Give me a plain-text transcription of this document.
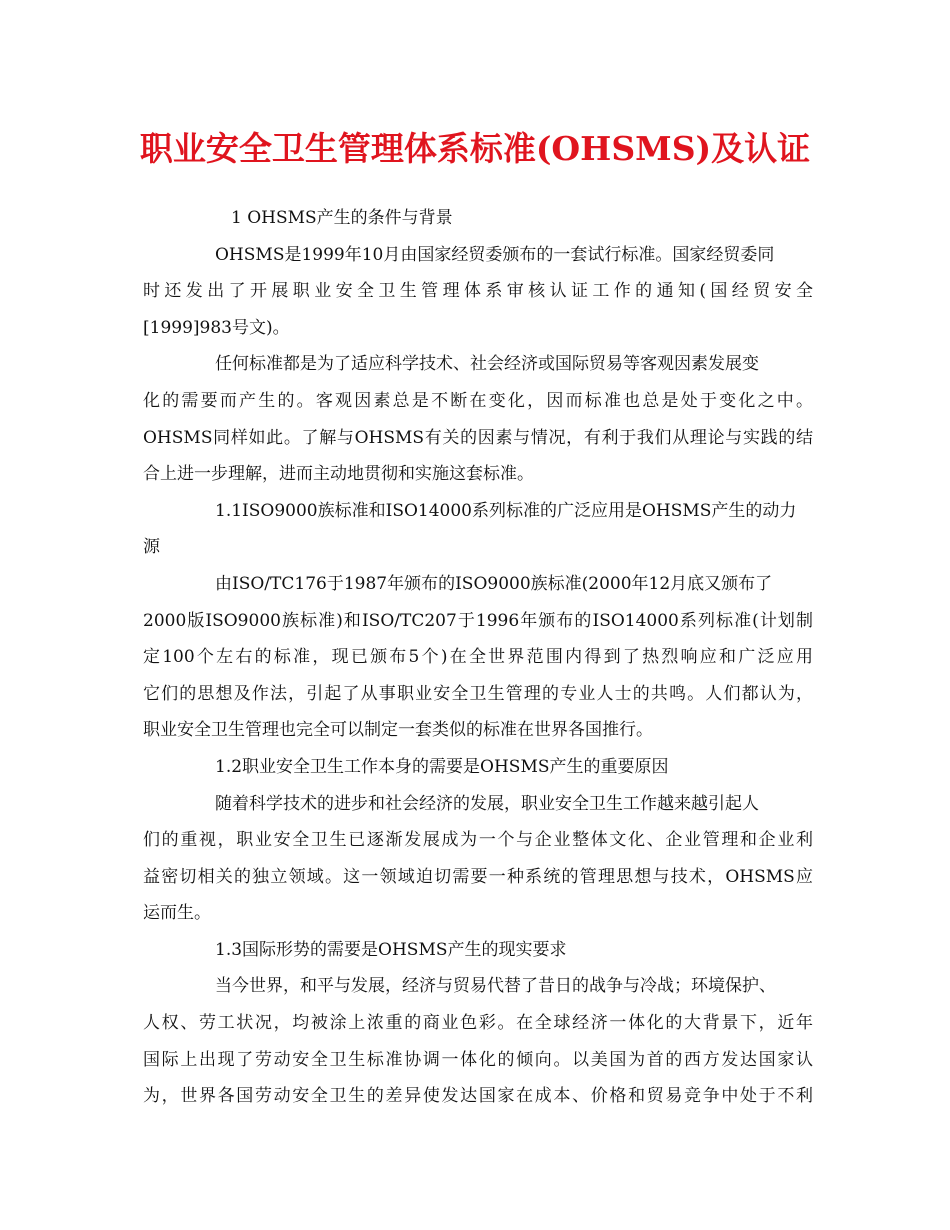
职业安全卫生管理体系标准(OHSMS)及认证
1 OHSMS产生的条件与背景
OHSMS是1999年10月由国家经贸委颁布的一套试行标准。国家经贸委同
时还发出了开展职业安全卫生管理体系审核认证工作的通知(国经贸安全
[1999]983号文)。
任何标准都是为了适应科学技术、社会经济或国际贸易等客观因素发展变
化的需要而产生的。客观因素总是不断在变化，因而标准也总是处于变化之中。
OHSMS同样如此。了解与OHSMS有关的因素与情况，有利于我们从理论与实践的结
合上进一步理解，进而主动地贯彻和实施这套标准。
1.1ISO9000族标准和ISO14000系列标准的广泛应用是OHSMS产生的动力
源
由ISO/TC176于1987年颁布的ISO9000族标准(2000年12月底又颁布了
2000版ISO9000族标准)和ISO/TC207于1996年颁布的ISO14000系列标准(计划制
定100个左右的标准，现已颁布5个)在全世界范围内得到了热烈响应和广泛应用
它们的思想及作法，引起了从事职业安全卫生管理的专业人士的共鸣。人们都认为，
职业安全卫生管理也完全可以制定一套类似的标准在世界各国推行。
1.2职业安全卫生工作本身的需要是OHSMS产生的重要原因
随着科学技术的进步和社会经济的发展，职业安全卫生工作越来越引起人
们的重视，职业安全卫生已逐渐发展成为一个与企业整体文化、企业管理和企业利
益密切相关的独立领域。这一领域迫切需要一种系统的管理思想与技术，OHSMS应
运而生。
1.3国际形势的需要是OHSMS产生的现实要求
当今世界，和平与发展，经济与贸易代替了昔日的战争与冷战；环境保护、
人权、劳工状况，均被涂上浓重的商业色彩。在全球经济一体化的大背景下，近年
国际上出现了劳动安全卫生标准协调一体化的倾向。以美国为首的西方发达国家认
为，世界各国劳动安全卫生的差异使发达国家在成本、价格和贸易竞争中处于不利
